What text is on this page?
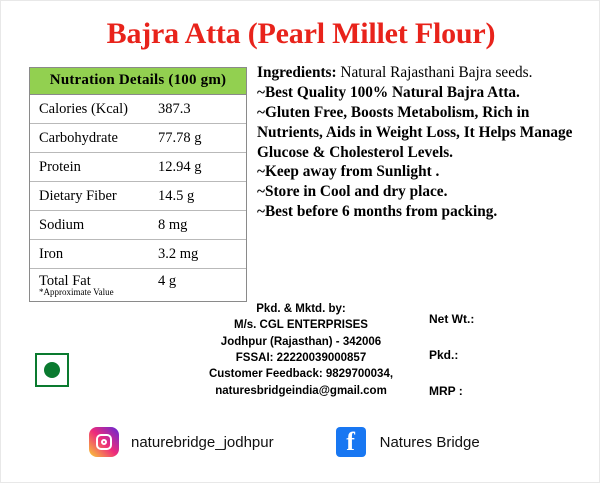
Bajra Atta (Pearl Millet Flour)
Nutration Details (100 gm)
Calories (Kcal)	387.3
Carbohydrate	77.78 g
Protein	12.94 g
Dietary Fiber	14.5 g
Sodium	8 mg
Iron	3.2 mg
Total Fat	4 g
*Approximate Value

Ingredients: Natural Rajasthani Bajra seeds.

~Best Quality 100% Natural Bajra Atta.

~Gluten Free, Boosts Metabolism, Rich in Nutrients, Aids in Weight Loss, It Helps Manage Glucose & Cholesterol Levels.

~Keep away from Sunlight .

~Store in Cool and dry place.

~Best before 6 months from packing.

Pkd. & Mktd. by:
M/s. CGL ENTERPRISES
Jodhpur (Rajasthan) - 342006
FSSAI: 22220039000857
Customer Feedback: 9829700034,
naturesbridgeindia@gmail.com
Net Wt.:
Pkd.:
MRP :
naturebridge_jodhpur	f	Natures Bridge
